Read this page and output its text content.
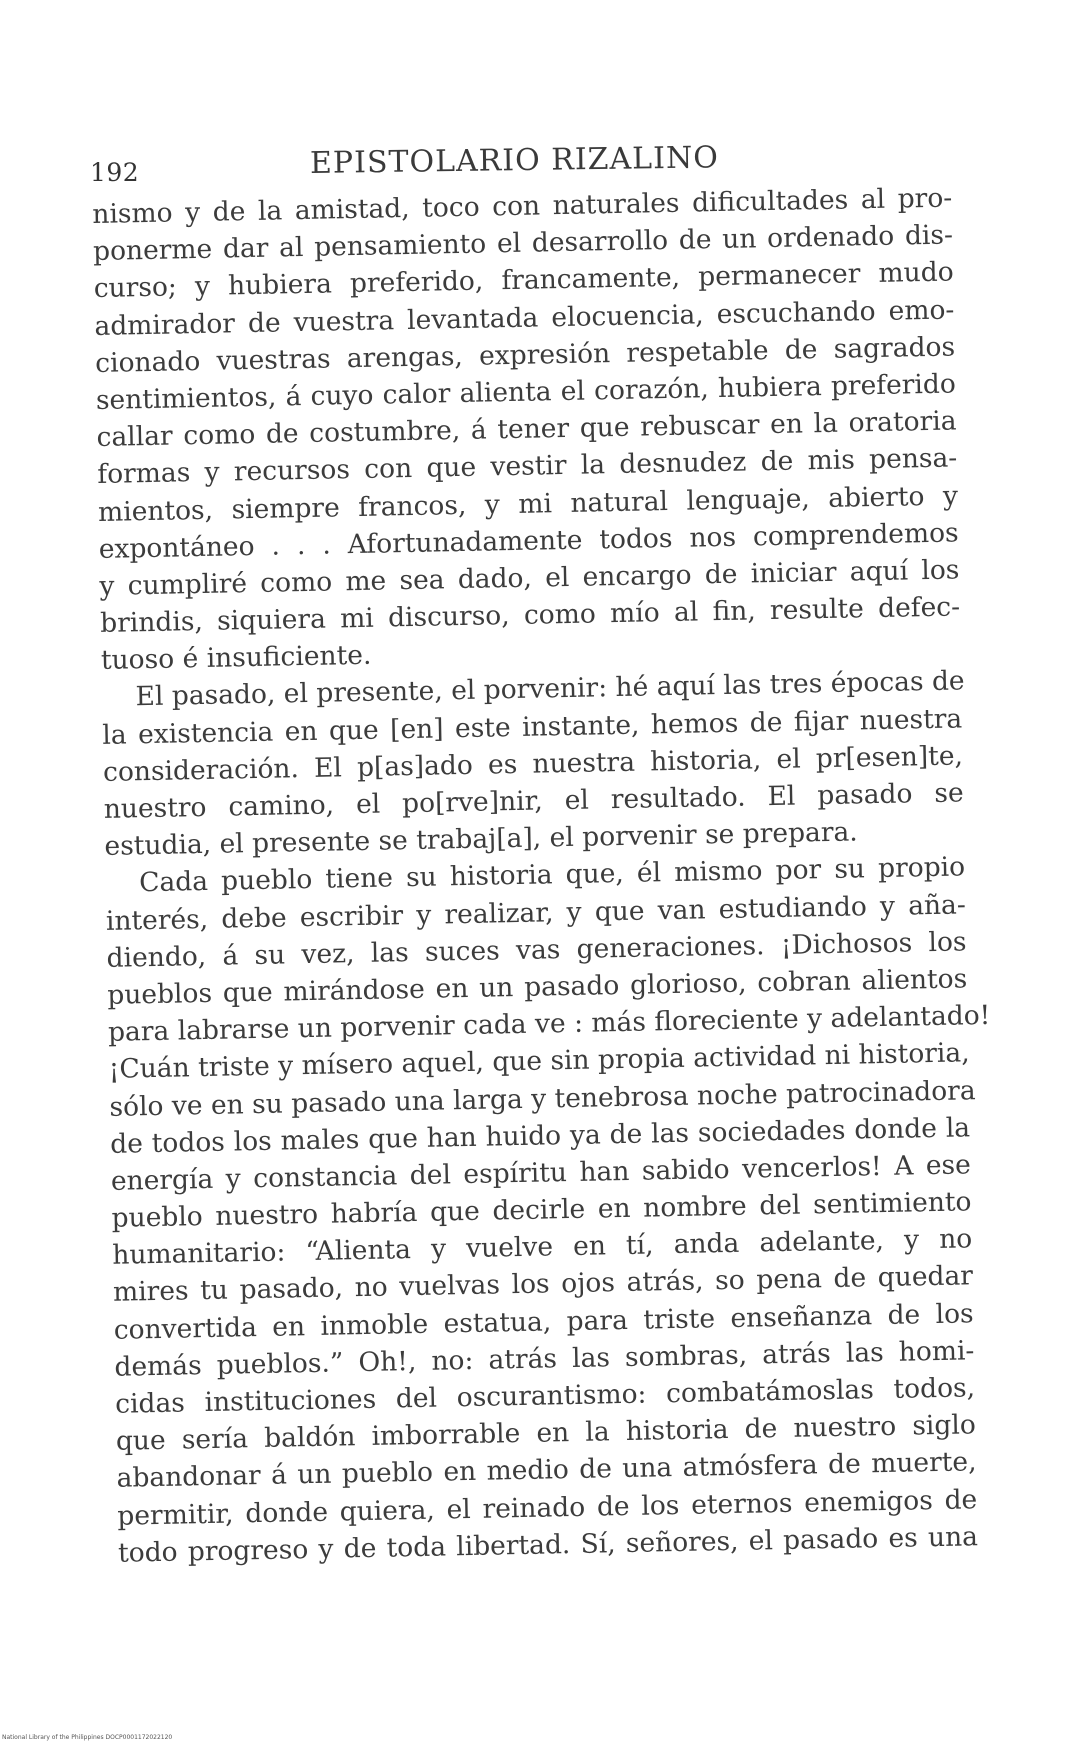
192	EPISTOLARIO RIZALINO
nismo y de la amistad, toco con naturales dificultades al pro-
ponerme dar al pensamiento el desarrollo de un ordenado dis-
curso; y hubiera preferido, francamente, permanecer mudo
admirador de vuestra levantada elocuencia, escuchando emo-
cionado vuestras arengas, expresión respetable de sagrados
sentimientos, á cuyo calor alienta el corazón, hubiera preferido
callar como de costumbre, á tener que rebuscar en la oratoria
formas y recursos con que vestir la desnudez de mis pensa-
mientos, siempre francos, y mi natural lenguaje, abierto y
expontáneo . . . Afortunadamente todos nos comprendemos
y cumpliré como me sea dado, el encargo de iniciar aquí los
brindis, siquiera mi discurso, como mío al fin, resulte defec-
tuoso é insuficiente.
El pasado, el presente, el porvenir: hé aquí las tres épocas de
la existencia en que [en] este instante, hemos de fijar nuestra
consideración. El p[as]ado es nuestra historia, el pr[esen]te,
nuestro camino, el po[rve]nir, el resultado. El pasado se
estudia, el presente se trabaj[a], el porvenir se prepara.
Cada pueblo tiene su historia que, él mismo por su propio
interés, debe escribir y realizar, y que van estudiando y aña-
diendo, á su vez, las suces vas generaciones. ¡Dichosos los
pueblos que mirándose en un pasado glorioso, cobran alientos
para labrarse un porvenir cada ve : más floreciente y adelantado!
¡Cuán triste y mísero aquel, que sin propia actividad ni historia,
sólo ve en su pasado una larga y tenebrosa noche patrocinadora
de todos los males que han huido ya de las sociedades donde la
energía y constancia del espíritu han sabido vencerlos! A ese
pueblo nuestro habría que decirle en nombre del sentimiento
humanitario: “Alienta y vuelve en tí, anda adelante, y no
mires tu pasado, no vuelvas los ojos atrás, so pena de quedar
convertida en inmoble estatua, para triste enseñanza de los
demás pueblos.” Oh!, no: atrás las sombras, atrás las homi-
cidas instituciones del oscurantismo: combatámoslas todos,
que sería baldón imborrable en la historia de nuestro siglo
abandonar á un pueblo en medio de una atmósfera de muerte,
permitir, donde quiera, el reinado de los eternos enemigos de
todo progreso y de toda libertad. Sí, señores, el pasado es una
National Library of the Philippines DOCP0001172022120
